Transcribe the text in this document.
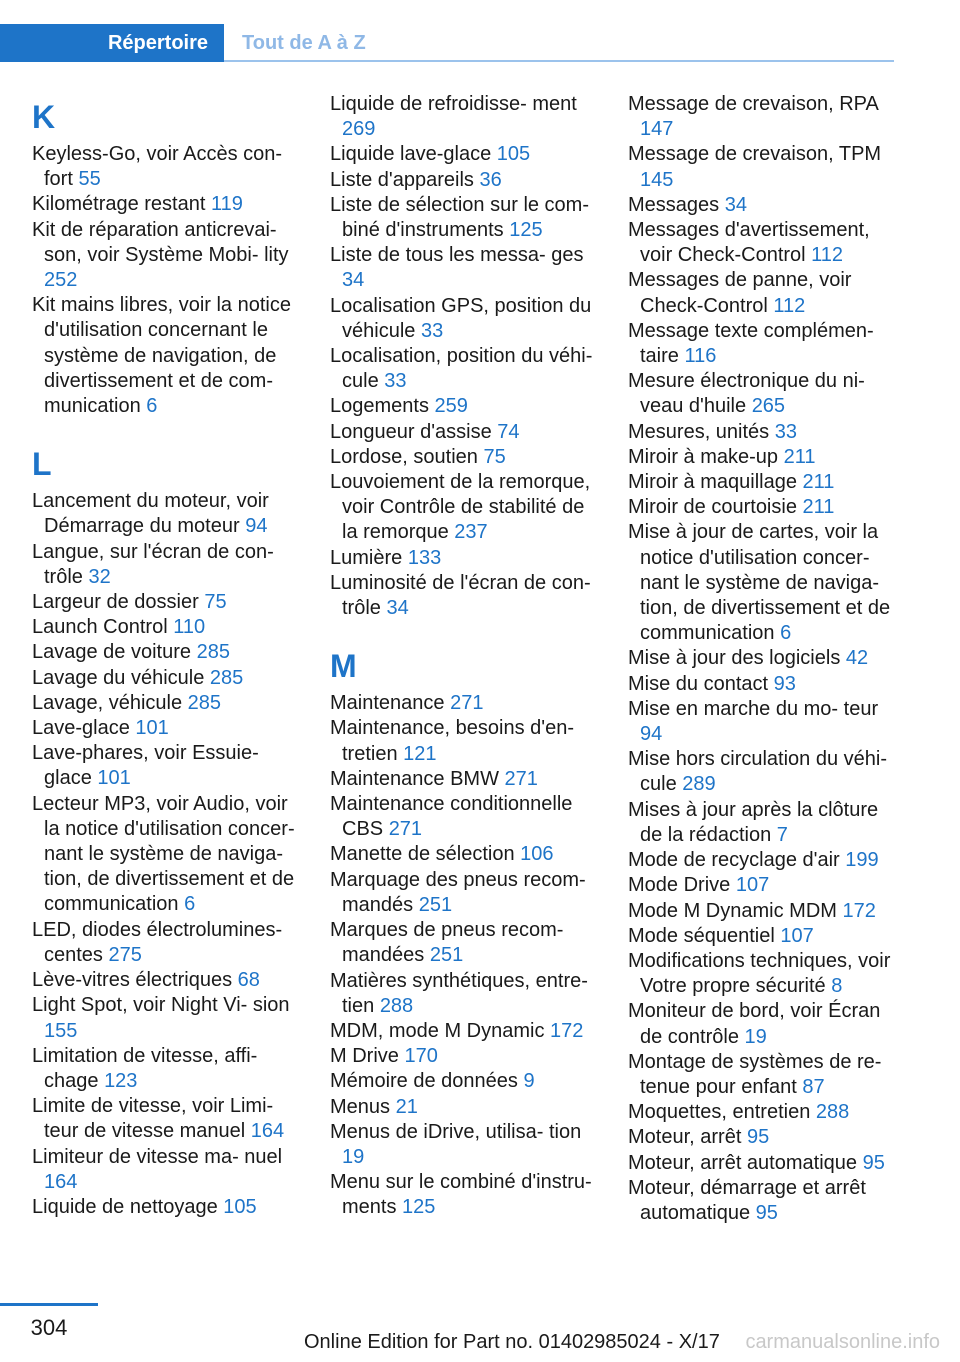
Répertoire	Tout de A à Z
K
Keyless-Go, voir Accès con‐ fort 55
Kilométrage restant 119
Kit de réparation anticrevai‐ son, voir Système Mobi‐ lity 252
Kit mains libres, voir la notice d'utilisation concernant le système de navigation, de divertissement et de com‐ munication 6
L
Lancement du moteur, voir Démarrage du moteur 94
Langue, sur l'écran de con‐ trôle 32
Largeur de dossier 75
Launch Control 110
Lavage de voiture 285
Lavage du véhicule 285
Lavage, véhicule 285
Lave-glace 101
Lave-phares, voir Essuie- glace 101
Lecteur MP3, voir Audio, voir la notice d'utilisation concer‐ nant le système de naviga‐ tion, de divertissement et de communication 6
LED, diodes électrolumines‐ centes 275
Lève-vitres électriques 68
Light Spot, voir Night Vi‐ sion 155
Limitation de vitesse, affi‐ chage 123
Limite de vitesse, voir Limi‐ teur de vitesse manuel 164
Limiteur de vitesse ma‐ nuel 164
Liquide de nettoyage 105
Liquide de refroidisse‐ ment 269
Liquide lave-glace 105
Liste d'appareils 36
Liste de sélection sur le com‐ biné d'instruments 125
Liste de tous les messa‐ ges 34
Localisation GPS, position du véhicule 33
Localisation, position du véhi‐ cule 33
Logements 259
Longueur d'assise 74
Lordose, soutien 75
Louvoiement de la remorque, voir Contrôle de stabilité de la remorque 237
Lumière 133
Luminosité de l'écran de con‐ trôle 34
M
Maintenance 271
Maintenance, besoins d'en‐ tretien 121
Maintenance BMW 271
Maintenance conditionnelle CBS 271
Manette de sélection 106
Marquage des pneus recom‐ mandés 251
Marques de pneus recom‐ mandées 251
Matières synthétiques, entre‐ tien 288
MDM, mode M Dynamic 172
M Drive 170
Mémoire de données 9
Menus 21
Menus de iDrive, utilisa‐ tion 19
Menu sur le combiné d'instru‐ ments 125
Message de crevaison, RPA 147
Message de crevaison, TPM 145
Messages 34
Messages d'avertissement, voir Check-Control 112
Messages de panne, voir Check-Control 112
Message texte complémen‐ taire 116
Mesure électronique du ni‐ veau d'huile 265
Mesures, unités 33
Miroir à make-up 211
Miroir à maquillage 211
Miroir de courtoisie 211
Mise à jour de cartes, voir la notice d'utilisation concer‐ nant le système de naviga‐ tion, de divertissement et de communication 6
Mise à jour des logiciels 42
Mise du contact 93
Mise en marche du mo‐ teur 94
Mise hors circulation du véhi‐ cule 289
Mises à jour après la clôture de la rédaction 7
Mode de recyclage d'air 199
Mode Drive 107
Mode M Dynamic MDM 172
Mode séquentiel 107
Modifications techniques, voir Votre propre sécurité 8
Moniteur de bord, voir Écran de contrôle 19
Montage de systèmes de re‐ tenue pour enfant 87
Moquettes, entretien 288
Moteur, arrêt 95
Moteur, arrêt automatique 95
Moteur, démarrage et arrêt automatique 95
304
Online Edition for Part no. 01402985024 - X/17 carmanualsonline.info
